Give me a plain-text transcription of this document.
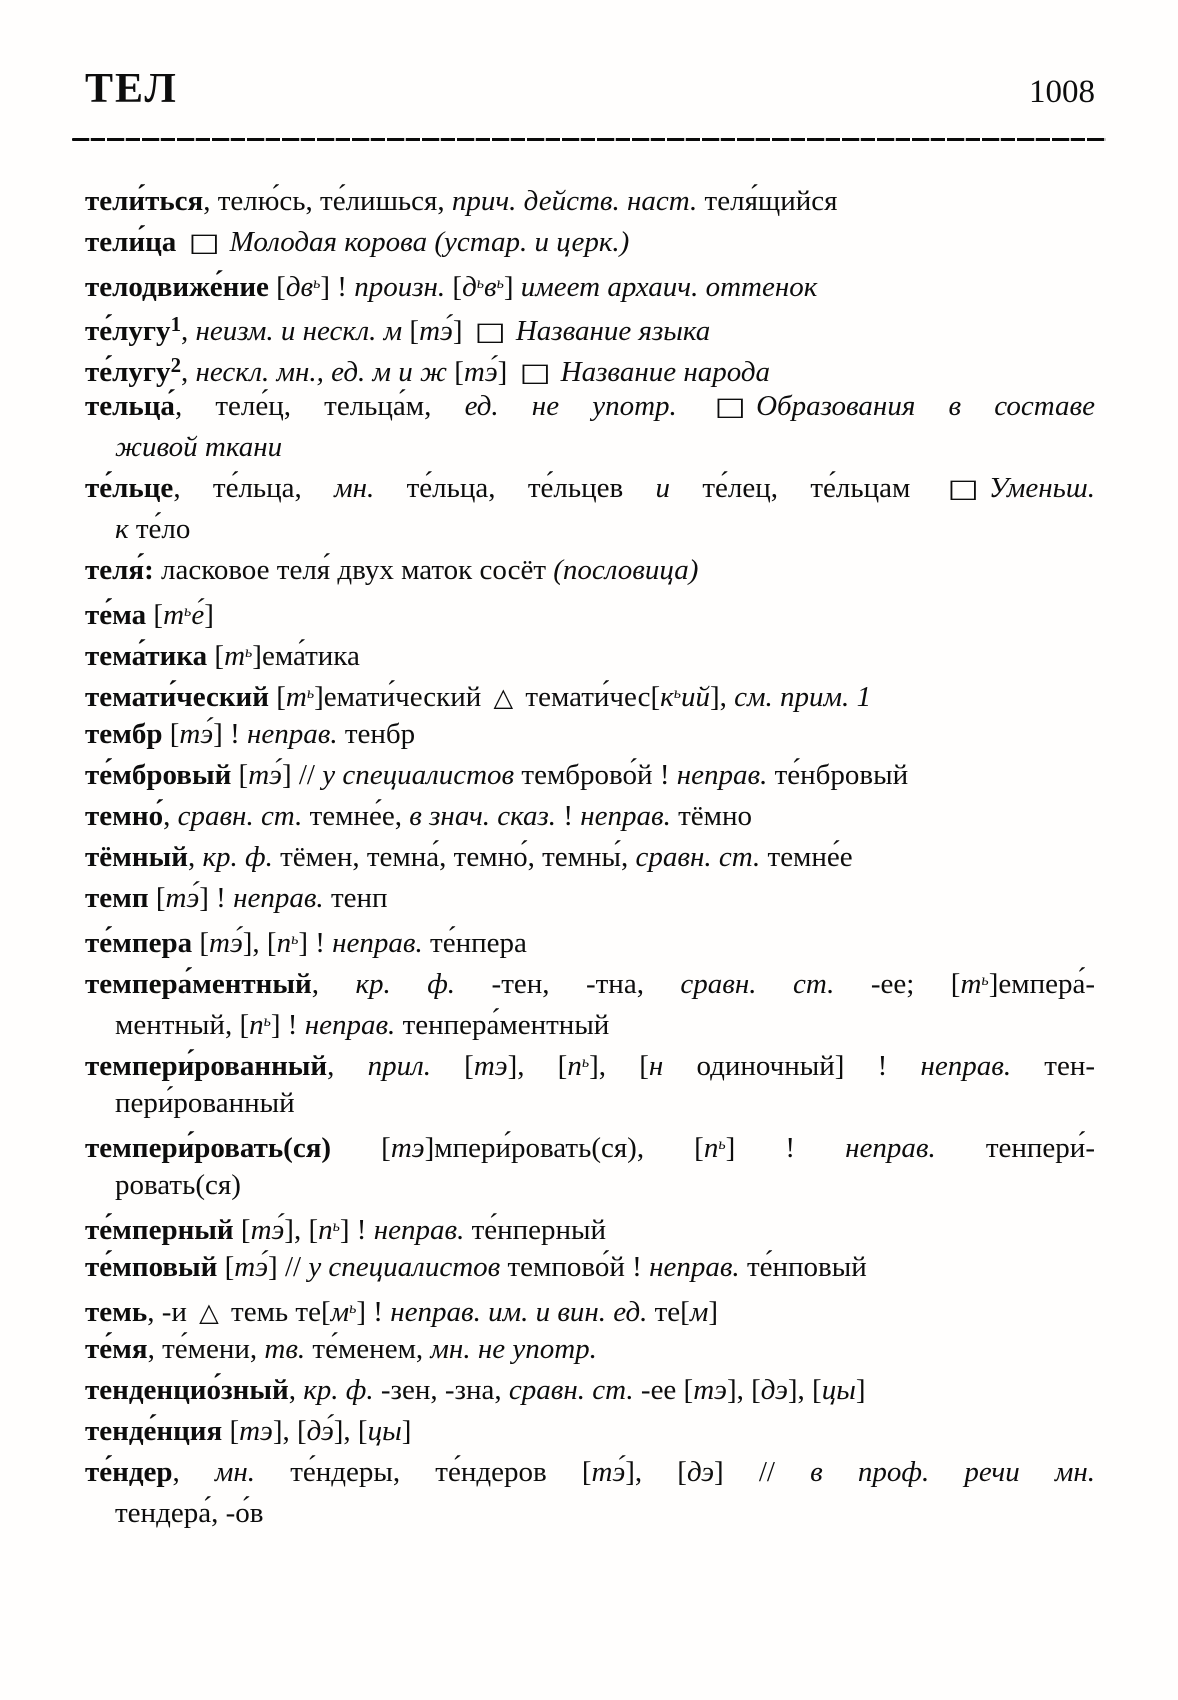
ТЕЛ	1008
тели́ться, телю́сь, те́лишься, прич. действ. наст. теля́щийся
тели́ца □ Молодая корова (устар. и церк.)
телодвиже́ние $[дв^ь]$ ! произн. $[д^ьв^ь]$ имеет архаич. оттенок
те́лугу$^1$, неизм. и нескл. м [тэ́] □ Название языка
те́лугу$^2$, нескл. мн., ед. м и ж [тэ́] □ Название народа
тельца́, теле́ц, тельца́м, ед. не употр. □ Образования в составе
живой ткани
те́льце, те́льца, мн. те́льца, те́льцев и те́лец, те́льцам □ Уменьш.
к те́ло
теля́: ласковое теля́ двух маток сосёт (пословица)
те́ма $[т^ье́]$
тема́тика $[т^ь]ема́тика$
темати́ческий $[т^ь]емати́ческий$ △ $темати́чес[к^ьий]$, см. прим. 1
тембр [тэ́] ! неправ. тенбр
те́мбровый [тэ́] // у специалистов темброво́й ! неправ. те́нбровый
темно́, сравн. ст. темне́е, в знач. сказ. ! неправ. тёмно
тёмный, кр. ф. тёмен, темна́, темно́, темны́, сравн. ст. темне́е
темп [тэ́] ! неправ. тенп
те́мпера [тэ́], $[п^ь]$ ! неправ. те́нпера
темпера́ментный, кр. ф. -тен, -тна, сравн. ст. -ее; $[т^ь]емпера́-$
ментный, $[п^ь]$ ! неправ. тенпера́ментный
темпери́рованный, прил. [тэ], $[п^ь]$, [н одиночный] ! неправ. тен-
пери́рованный
темпери́ровать(ся) [тэ]мпери́ровать(ся), $[п^ь]$ ! неправ. тенпери́-
ровать(ся)
те́мперный [тэ́], $[п^ь]$ ! неправ. те́нперный
те́мповый [тэ́] // у специалистов темпово́й ! неправ. те́нповый
темь, -и △ темь $те[м^ь]$ ! неправ. им. и вин. ед. те[м]
те́мя, те́мени, тв. те́менем, мн. не употр.
тенденцио́зный, кр. ф. -зен, -зна, сравн. ст. -ее [тэ], [дэ], [цы]
тенде́нция [тэ], [дэ́], [цы]
те́ндер, мн. те́ндеры, те́ндеров [тэ́], [дэ] // в проф. речи мн.
тендера́, -о́в
